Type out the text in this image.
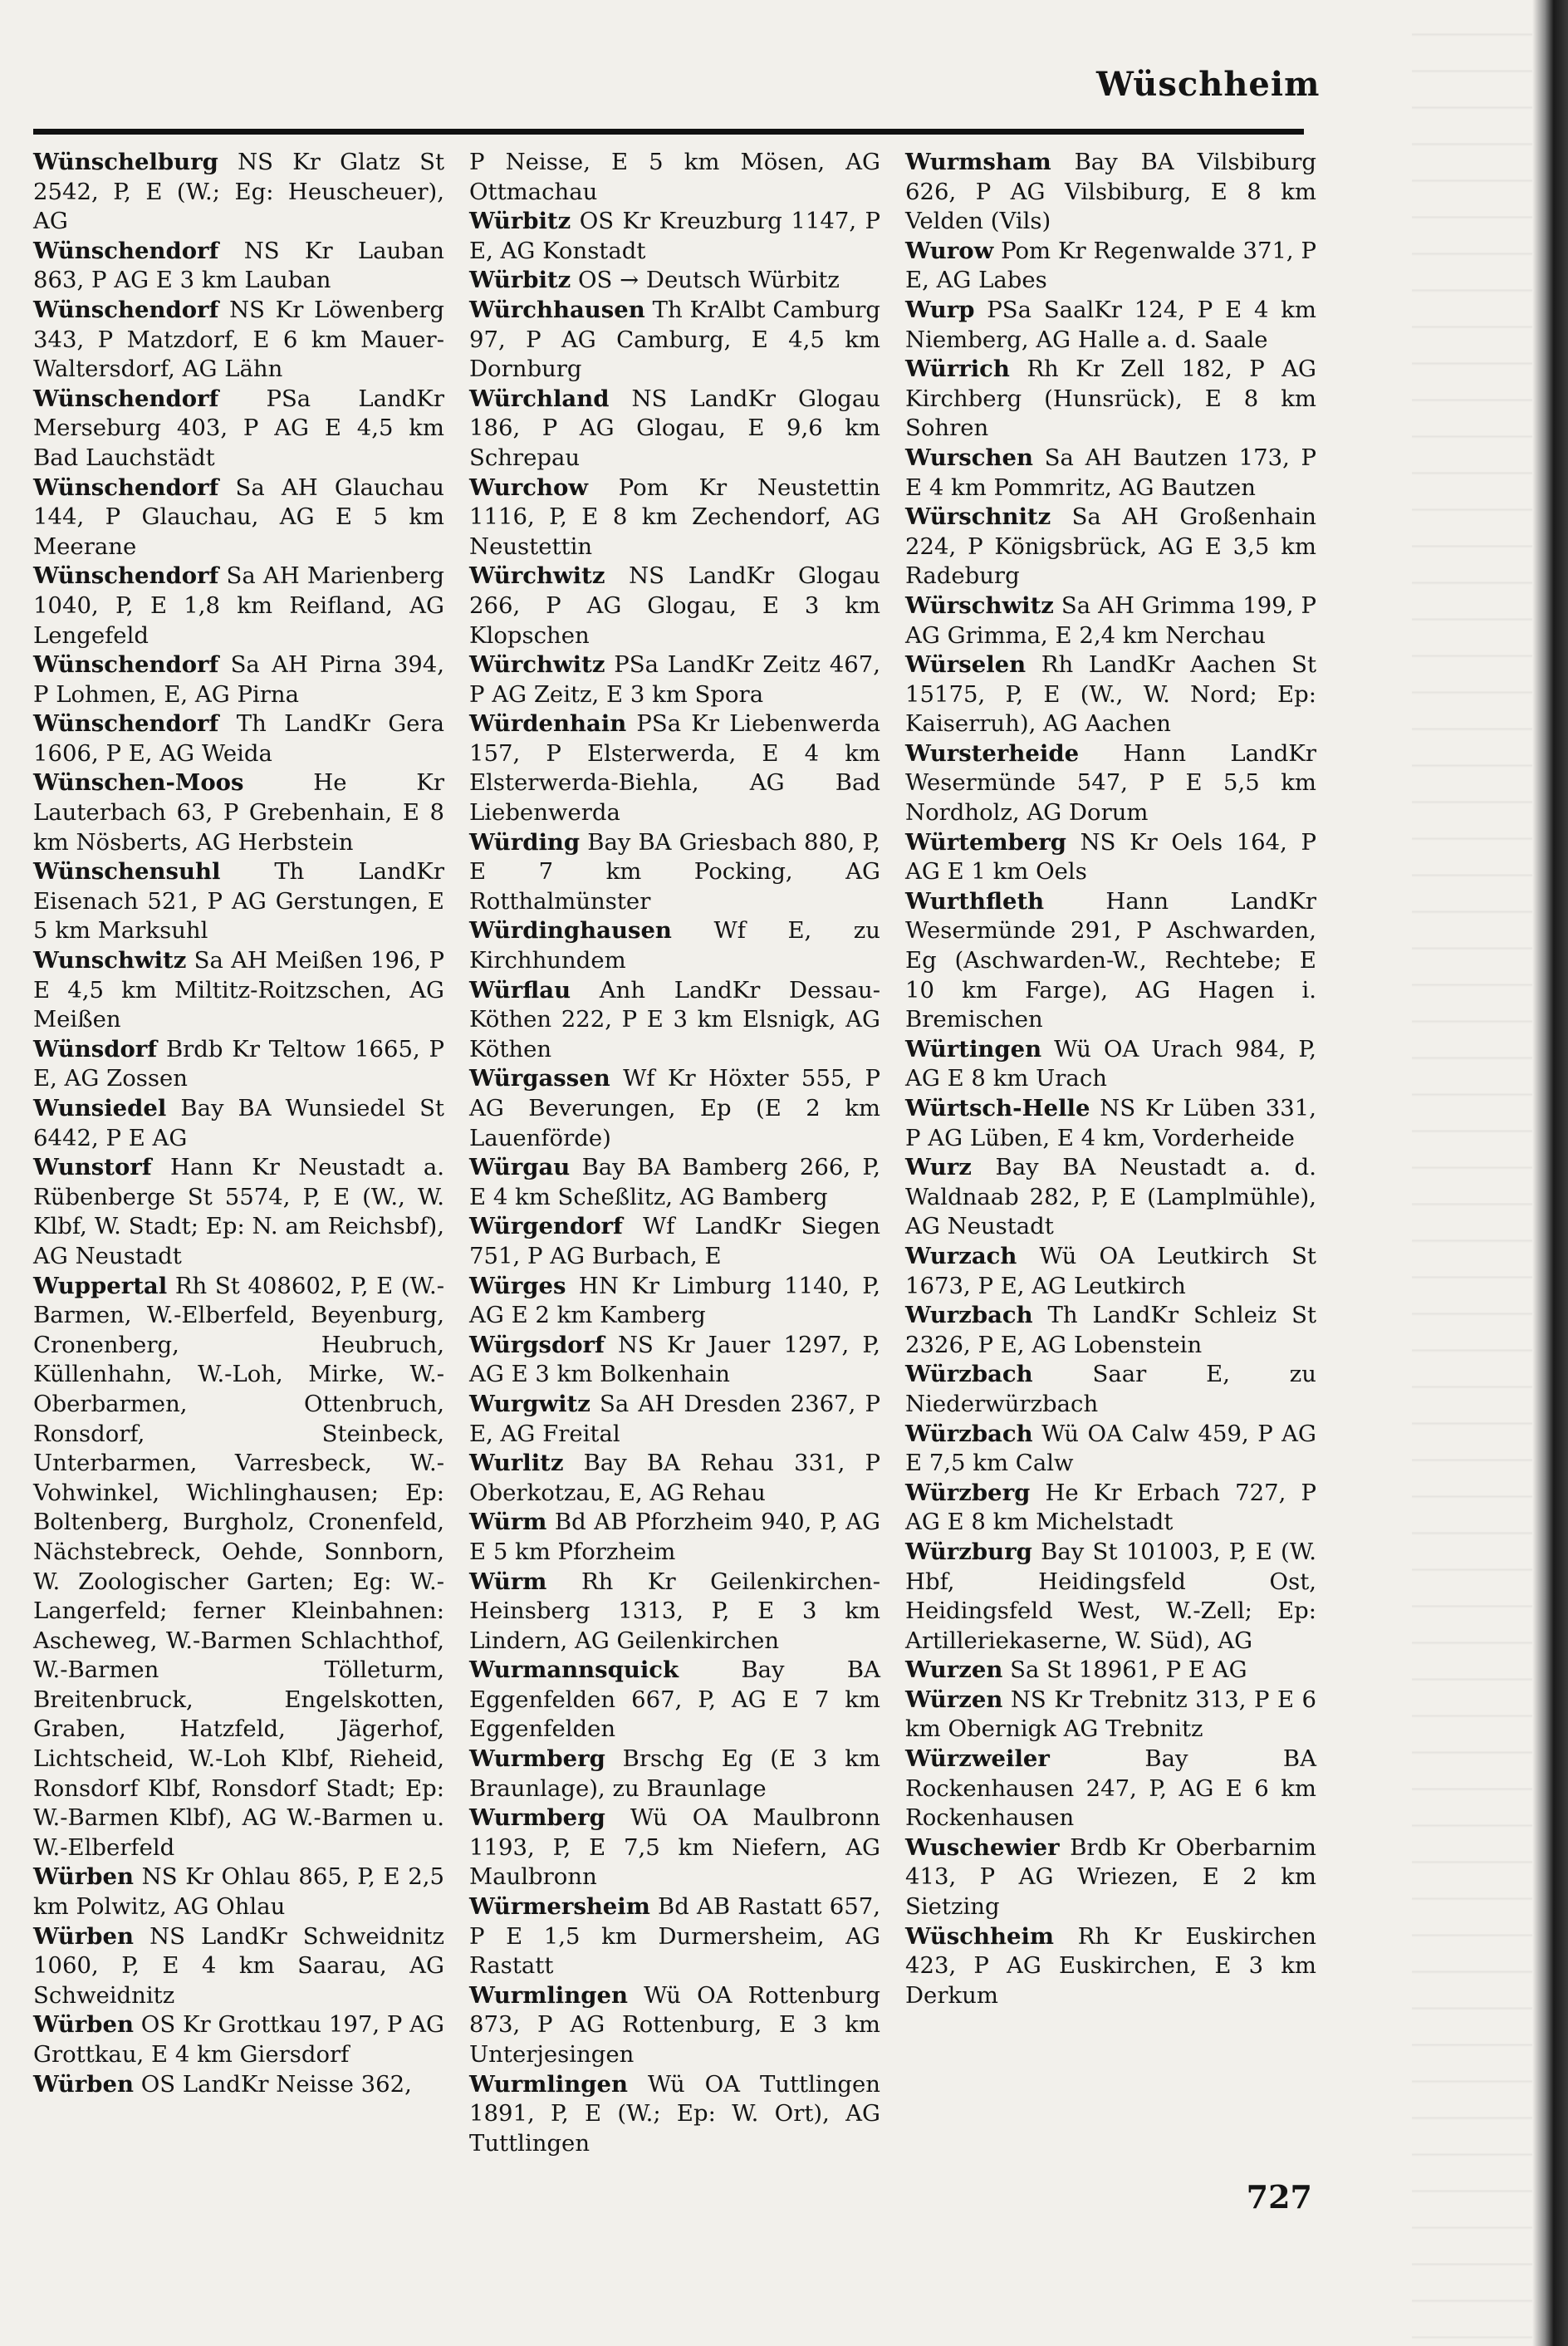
Wüschheim

Wünschelburg NS Kr Glatz St 2542, P, E (W.; Eg: Heuscheuer), AG

Wünschendorf NS Kr Lauban 863, P AG E 3 km Lauban

Wünschendorf NS Kr Löwenberg 343, P Matzdorf, E 6 km Mauer-Waltersdorf, AG Lähn

Wünschendorf PSa LandKr Merseburg 403, P AG E 4,5 km Bad Lauchstädt

Wünschendorf Sa AH Glauchau 144, P Glauchau, AG E 5 km Meerane

Wünschendorf Sa AH Marienberg 1040, P, E 1,8 km Reifland, AG Lengefeld

Wünschendorf Sa AH Pirna 394, P Lohmen, E, AG Pirna

Wünschendorf Th LandKr Gera 1606, P E, AG Weida

Wünschen-Moos	He Kr Lauterbach 63, P Grebenhain, E 8 km Nösberts, AG Herbstein

Wünschensuhl Th LandKr Eisenach 521, P AG Gerstungen, E 5 km Marksuhl

Wunschwitz Sa AH Meißen 196, P E 4,5 km Miltitz-Roitzschen, AG Meißen

Wünsdorf Brdb Kr Teltow 1665, P E, AG Zossen

Wunsiedel Bay BA Wunsiedel St 6442, P E AG

Wunstorf Hann Kr Neustadt a. Rübenberge St 5574, P, E (W., W. Klbf, W. Stadt; Ep: N. am Reichsbf), AG Neustadt

Wuppertal Rh St 408602, P, E (W.-Barmen, W.-Elberfeld, Beyenburg, Cronenberg, Heubruch, Küllenhahn, W.-Loh, Mirke, W.-Oberbarmen, Ottenbruch, Ronsdorf, Steinbeck, Unterbarmen, Varresbeck, W.-Vohwinkel, Wichlinghausen; Ep: Boltenberg, Burgholz, Cronenfeld, Nächstebreck, Oehde, Sonnborn, W. Zoologischer Garten; Eg: W.-Langerfeld; ferner Kleinbahnen: Ascheweg, W.-Barmen Schlachthof, W.-Barmen Tölleturm, Breitenbruck, Engelskotten, Graben, Hatzfeld, Jägerhof, Lichtscheid, W.-Loh Klbf, Rieheid, Ronsdorf Klbf, Ronsdorf Stadt; Ep: W.-Barmen Klbf), AG W.-Barmen u. W.-Elberfeld

Würben NS Kr Ohlau 865, P, E 2,5 km Polwitz, AG Ohlau

Würben NS LandKr Schweidnitz 1060, P, E 4 km Saarau, AG Schweidnitz

Würben OS Kr Grottkau 197, P AG Grottkau, E 4 km Giersdorf

Würben OS LandKr Neisse 362,

P Neisse, E 5 km Mösen, AG Ottmachau

Würbitz OS Kr Kreuzburg 1147, P E, AG Konstadt

Würbitz OS → Deutsch Würbitz

Würchhausen Th KrAlbt Camburg 97, P AG Camburg, E 4,5 km Dornburg

Würchland NS LandKr Glogau 186, P AG Glogau, E 9,6 km Schrepau

Wurchow Pom Kr Neustettin 1116, P, E 8 km Zechendorf, AG Neustettin

Würchwitz NS LandKr Glogau 266, P AG Glogau, E 3 km Klopschen

Würchwitz PSa LandKr Zeitz 467, P AG Zeitz, E 3 km Spora

Würdenhain PSa Kr Liebenwerda 157, P Elsterwerda, E 4 km Elsterwerda-Biehla, AG Bad Liebenwerda

Würding Bay BA Griesbach 880, P, E 7 km Pocking, AG Rotthalmünster

Würdinghausen Wf E, zu Kirchhundem

Würflau Anh LandKr Dessau-Köthen 222, P E 3 km Elsnigk, AG Köthen

Würgassen Wf Kr Höxter 555, P AG Beverungen, Ep (E 2 km Lauenförde)

Würgau Bay BA Bamberg 266, P, E 4 km Scheßlitz, AG Bamberg

Würgendorf Wf LandKr Siegen 751, P AG Burbach, E

Würges HN Kr Limburg 1140, P, AG E 2 km Kamberg

Würgsdorf NS Kr Jauer 1297, P, AG E 3 km Bolkenhain

Wurgwitz Sa AH Dresden 2367, P E, AG Freital

Wurlitz Bay BA Rehau 331, P Oberkotzau, E, AG Rehau

Würm Bd AB Pforzheim 940, P, AG E 5 km Pforzheim

Würm Rh Kr Geilenkirchen-Heinsberg 1313, P, E 3 km Lindern, AG Geilenkirchen

Wurmannsquick	Bay BA Eggenfelden 667, P, AG E 7 km Eggenfelden

Wurmberg Brschg Eg (E 3 km Braunlage), zu Braunlage

Wurmberg Wü OA Maulbronn 1193, P, E 7,5 km Niefern, AG Maulbronn

Würmersheim Bd AB Rastatt 657, P E 1,5 km Durmersheim, AG Rastatt

Wurmlingen Wü OA Rottenburg 873, P AG Rottenburg, E 3 km Unterjesingen

Wurmlingen Wü OA Tuttlingen 1891, P, E (W.; Ep: W. Ort), AG Tuttlingen

Wurmsham Bay BA Vilsbiburg 626, P AG Vilsbiburg, E 8 km Velden (Vils)

Wurow Pom Kr Regenwalde 371, P E, AG Labes

Wurp PSa SaalKr 124, P E 4 km Niemberg, AG Halle a. d. Saale

Würrich Rh Kr Zell 182, P AG Kirchberg (Hunsrück), E 8 km Sohren

Wurschen Sa AH Bautzen 173, P E 4 km Pommritz, AG Bautzen

Würschnitz Sa AH Großenhain 224, P Königsbrück, AG E 3,5 km Radeburg

Würschwitz Sa AH Grimma 199, P AG Grimma, E 2,4 km Nerchau

Würselen Rh LandKr Aachen St 15175, P, E (W., W. Nord; Ep: Kaiserruh), AG Aachen

Wursterheide Hann LandKr Wesermünde 547, P E 5,5 km Nordholz, AG Dorum

Würtemberg NS Kr Oels 164, P AG E 1 km Oels

Wurthfleth	Hann LandKr Wesermünde 291, P Aschwarden, Eg (Aschwarden-W., Rechtebe; E 10 km Farge), AG Hagen i. Bremischen

Würtingen Wü OA Urach 984, P, AG E 8 km Urach

Würtsch-Helle NS Kr Lüben 331, P AG Lüben, E 4 km, Vorderheide

Wurz Bay BA Neustadt a. d. Waldnaab 282, P, E (Lamplmühle), AG Neustadt

Wurzach Wü OA Leutkirch St 1673, P E, AG Leutkirch

Wurzbach Th LandKr Schleiz St 2326, P E, AG Lobenstein

Würzbach	Saar E, zu Niederwürzbach

Würzbach Wü OA Calw 459, P AG E 7,5 km Calw

Würzberg He Kr Erbach 727, P AG E 8 km Michelstadt

Würzburg Bay St 101003, P, E (W. Hbf, Heidingsfeld Ost, Heidingsfeld West, W.-Zell; Ep: Artilleriekaserne, W. Süd), AG

Wurzen Sa St 18961, P E AG

Würzen NS Kr Trebnitz 313, P E 6 km Obernigk AG Trebnitz

Würzweiler	Bay BA Rockenhausen 247, P, AG E 6 km Rockenhausen

Wuschewier Brdb Kr Oberbarnim 413, P AG Wriezen, E 2 km Sietzing

Wüschheim Rh Kr Euskirchen 423, P AG Euskirchen, E 3 km Derkum

727
